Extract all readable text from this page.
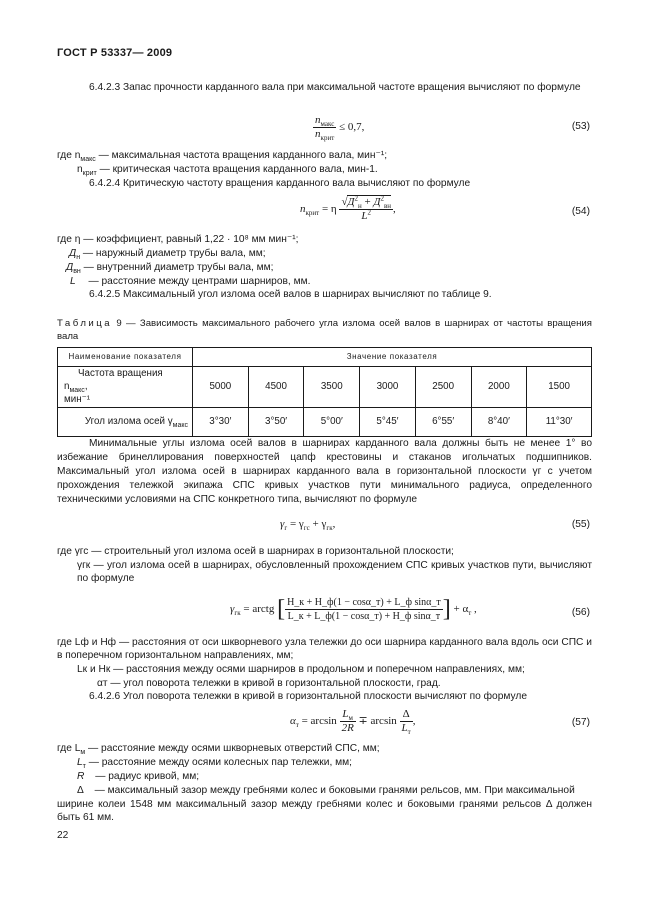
ГОСТ Р 53337— 2009
6.4.2.3 Запас прочности карданного вала при максимальной частоте вращения вычисляют по формуле
$\frac{n_{макс}}{n_{крит}} \le 0,7$,	(53)
где $n_{макс}$ — максимальная частота вращения карданного вала, мин⁻¹;
$n_{крит}$ — критическая частота вращения карданного вала, мин-1.
6.4.2.4 Критическую частоту вращения карданного вала вычисляют по формуле
$n_{крит} = \eta \frac{√Д^2_н + Д^2_{вн}}{L^2}$ ,	(54)
где η — коэффициент, равный 1,22 · 10⁸ мм мин⁻¹;
$Д_н$ — наружный диаметр трубы вала, мм;
$Д_{вн}$ — внутренний диаметр трубы вала, мм;
L — расстояние между центрами шарниров, мм.
6.4.2.5 Максимальный угол излома осей валов в шарнирах вычисляют по таблице 9.
Таблица 9 — Зависимость максимального рабочего угла излома осей валов в шарнирах от частоты вращения вала
Наименование показателя	Значение показателя						
Частота вращения $n_{макс}$,
мин⁻¹	5000	4500	3500	3000	2500	2000	1500
Угол излома осей $\gamma_{макс}$	3°30′	3°50′	5°00′	5°45′	6°55′	8°40′	11°30′
Минимальные углы излома осей валов в шарнирах карданного вала должны быть не менее 1° во избежание бринеллирования поверхностей цапф крестовины и стаканов игольчатых подшипников. Максимальный угол излома осей в шарнирах карданного вала в горизонтальной плоскости γг с учетом прохождения тележкой экипажа СПС кривых участков пути минимального радиуса, определенного техническими условиями на СПС конкретного типа, вычисляют по формуле
$\gamma_г = \gamma_{гс} + \gamma_{гк}$,	(55)
где γгс — строительный угол излома осей в шарнирах в горизонтальной плоскости;
γгк — угол излома осей в шарнирах, обусловленный прохождением СПС кривых участков пути, вычисляют по формуле
$\gamma_{гк}$ = arctg [ $\frac{\text{H\_к + H\_ф(1 − cosα\_т) + L\_ф sinα\_т}}{\text{L\_к + L\_ф(1 − cosα\_т) + H\_ф sinα\_т}}$ ] + $\alpha_т$ ,	(56)
где Lф и Hф — расстояния от оси шкворневого узла тележки до оси шарнира карданного вала вдоль оси СПС и в поперечном горизонтальном направлениях, мм;
Lк и Hк — расстояния между осями шарниров в продольном и поперечном направлениях, мм;
αт — угол поворота тележки в кривой в горизонтальной плоскости, град.
6.4.2.6 Угол поворота тележки в кривой в горизонтальной плоскости вычисляют по формуле
$\alpha_т = \arcsin \frac{L_м}{2R} \mp \arcsin \frac{\Delta}{L_т}$ ,	(57)
где $L_м$ — расстояние между осями шкворневых отверстий СПС, мм;
$L_т$ — расстояние между осями колесных пар тележки, мм;
R — радиус кривой, мм;
Δ — максимальный зазор между гребнями колес и боковыми гранями рельсов, мм. При максимальной
ширине колеи 1548 мм максимальный зазор между гребнями колес и боковыми гранями рельсов Δ должен быть 61 мм.
22
